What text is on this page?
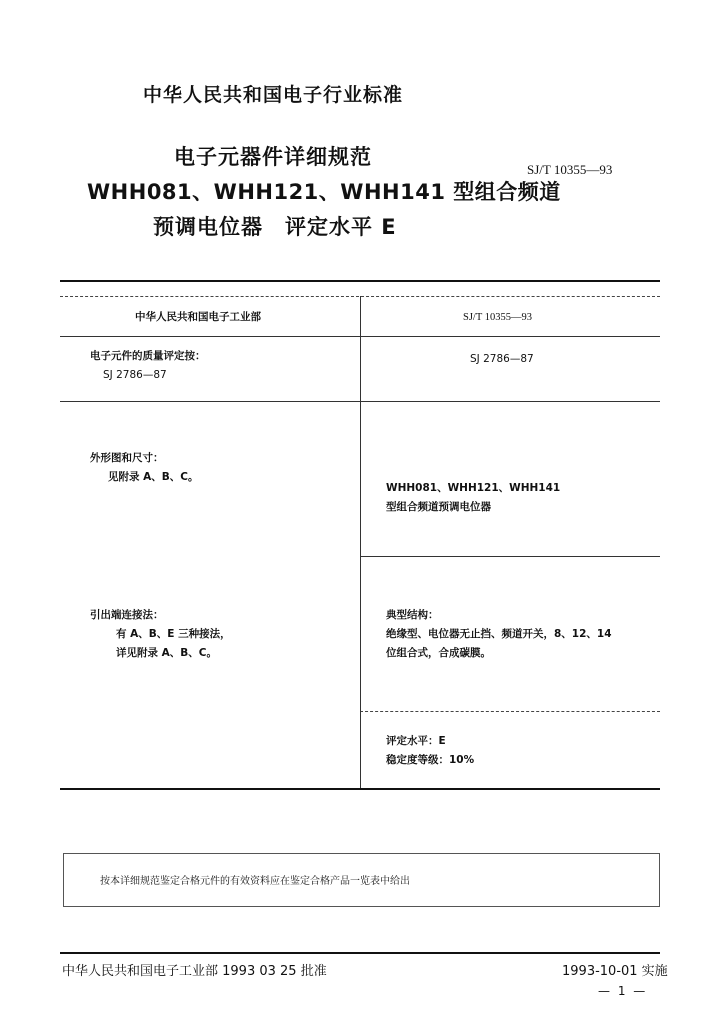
中华人民共和国电子行业标准
电子元器件详细规范
WHH081、WHH121、WHH141 型组合频道
预调电位器　评定水平 E
SJ/T 10355—93
中华人民共和国电子工业部	SJ/T 10355—93
电子元件的质量评定按：
SJ 2786—87
SJ 2786—87
外形图和尺寸：
见附录 A、B、C。
WHH081、WHH121、WHH141
型组合频道预调电位器
引出端连接法：
有 A、B、E 三种接法，
详见附录 A、B、C。
典型结构：
绝缘型、电位器无止挡、频道开关，8、12、14
位组合式，合成碳膜。
评定水平：E
稳定度等级：10%
按本详细规范鉴定合格元件的有效资料应在鉴定合格产品一览表中给出
中华人民共和国电子工业部 1993 03 25 批准	1993-10-01 实施
— 1 —
